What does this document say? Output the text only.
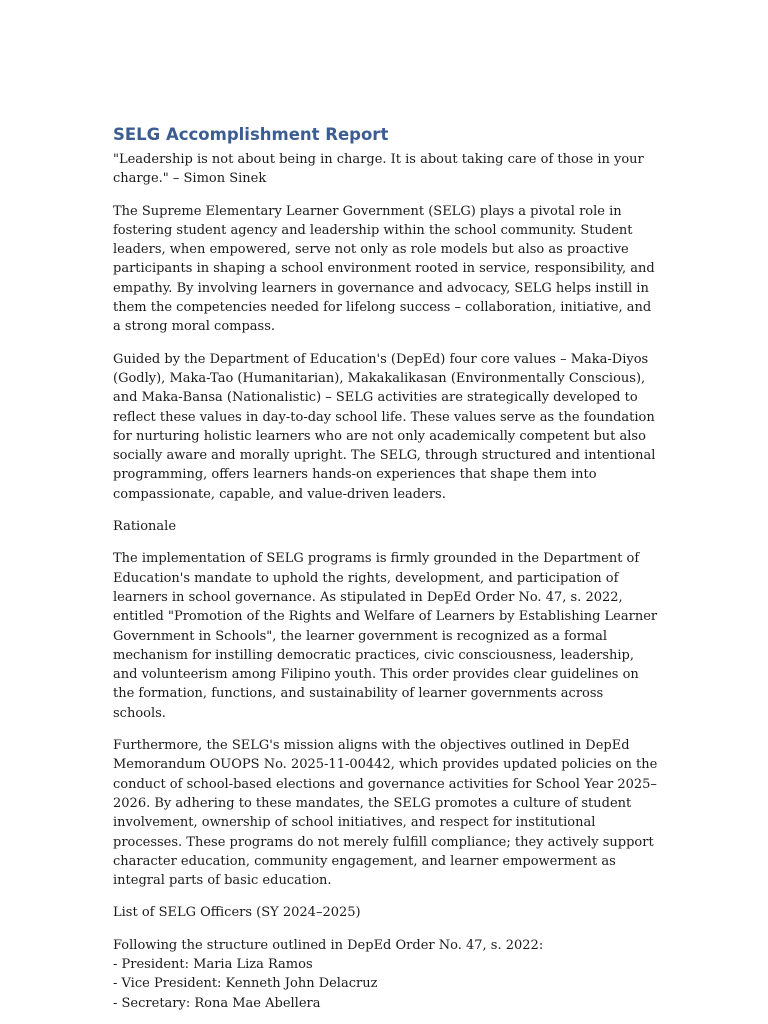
SELG Accomplishment Report

"Leadership is not about being in charge. It is about taking care of those in your charge." – Simon Sinek

The Supreme Elementary Learner Government (SELG) plays a pivotal role in fostering student agency and leadership within the school community. Student leaders, when empowered, serve not only as role models but also as proactive participants in shaping a school environment rooted in service, responsibility, and empathy. By involving learners in governance and advocacy, SELG helps instill in them the competencies needed for lifelong success – collaboration, initiative, and a strong moral compass.

Guided by the Department of Education's (DepEd) four core values – Maka-Diyos (Godly), Maka-Tao (Humanitarian), Makakalikasan (Environmentally Conscious), and Maka-Bansa (Nationalistic) – SELG activities are strategically developed to reflect these values in day-to-day school life. These values serve as the foundation for nurturing holistic learners who are not only academically competent but also socially aware and morally upright. The SELG, through structured and intentional programming, offers learners hands-on experiences that shape them into compassionate, capable, and value-driven leaders.

Rationale

The implementation of SELG programs is firmly grounded in the Department of Education's mandate to uphold the rights, development, and participation of learners in school governance. As stipulated in DepEd Order No. 47, s. 2022, entitled "Promotion of the Rights and Welfare of Learners by Establishing Learner Government in Schools", the learner government is recognized as a formal mechanism for instilling democratic practices, civic consciousness, leadership, and volunteerism among Filipino youth. This order provides clear guidelines on the formation, functions, and sustainability of learner governments across schools.

Furthermore, the SELG's mission aligns with the objectives outlined in DepEd Memorandum OUOPS No. 2025-11-00442, which provides updated policies on the conduct of school-based elections and governance activities for School Year 2025–2026. By adhering to these mandates, the SELG promotes a culture of student involvement, ownership of school initiatives, and respect for institutional processes. These programs do not merely fulfill compliance; they actively support character education, community engagement, and learner empowerment as integral parts of basic education.

List of SELG Officers (SY 2024–2025)

Following the structure outlined in DepEd Order No. 47, s. 2022:
- President: Maria Liza Ramos
- Vice President: Kenneth John Delacruz
- Secretary: Rona Mae Abellera
